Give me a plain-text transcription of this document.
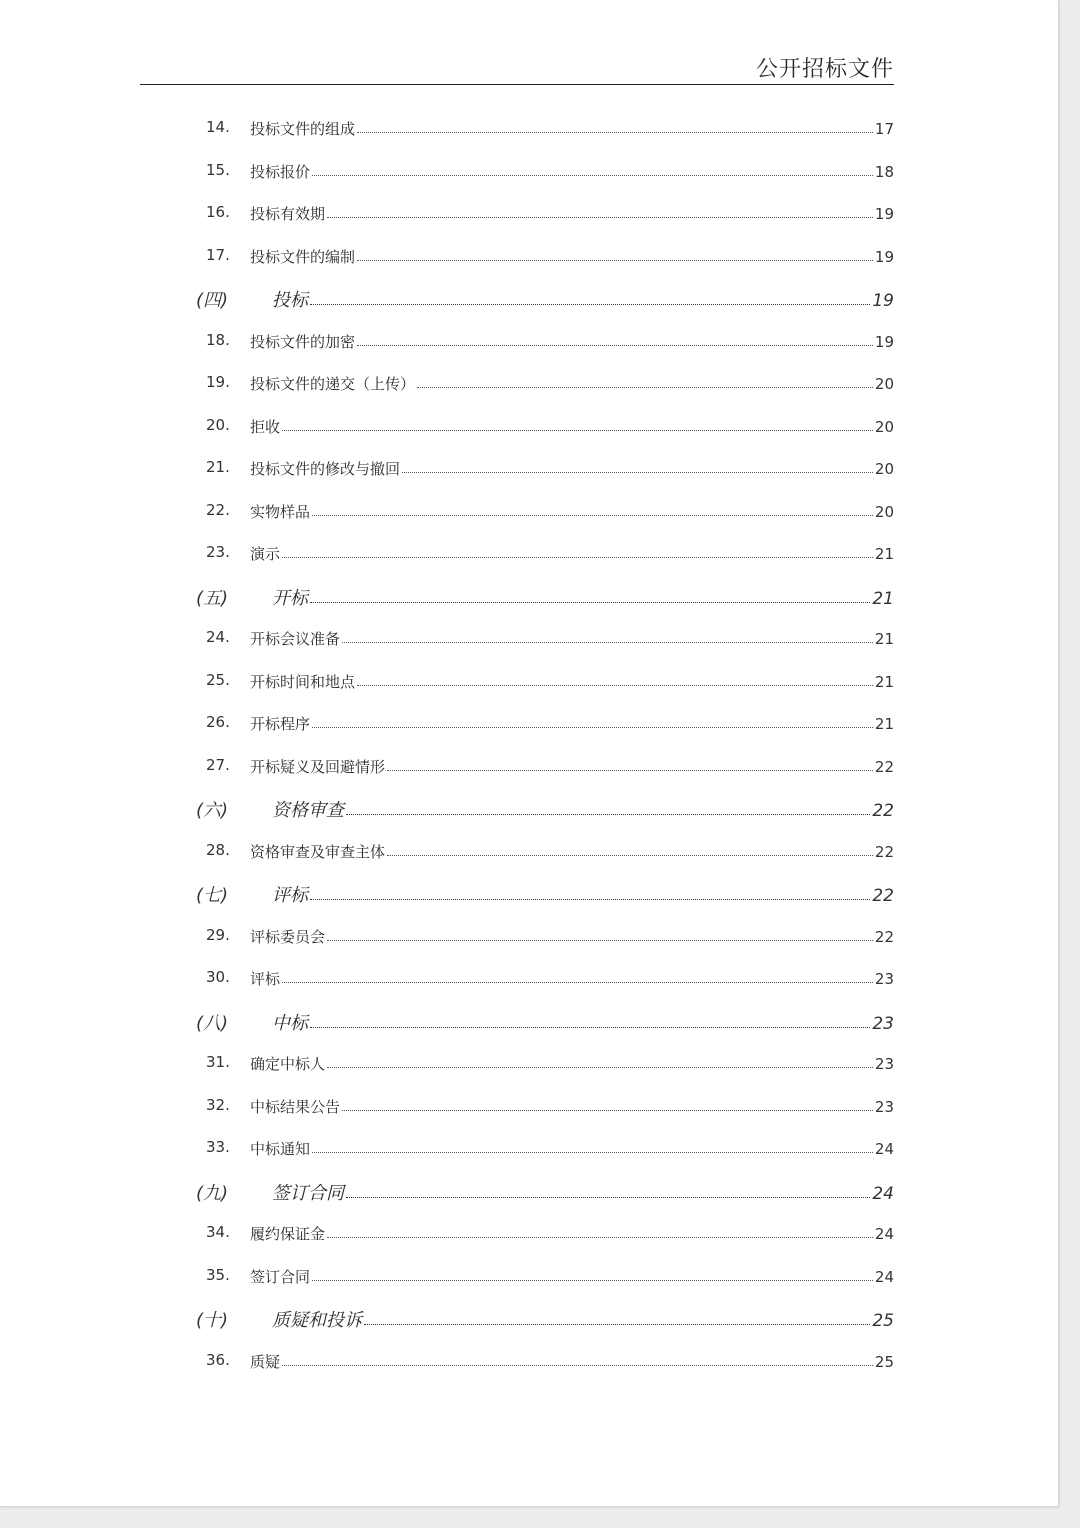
公开招标文件
14. 投标文件的组成	17
15. 投标报价	18
16. 投标有效期	19
17. 投标文件的编制	19
(四) 投标	19
18. 投标文件的加密	19
19. 投标文件的递交（上传）	20
20. 拒收	20
21. 投标文件的修改与撤回	20
22. 实物样品	20
23. 演示	21
(五) 开标	21
24. 开标会议准备	21
25. 开标时间和地点	21
26. 开标程序	21
27. 开标疑义及回避情形	22
(六) 资格审查	22
28. 资格审查及审查主体	22
(七) 评标	22
29. 评标委员会	22
30. 评标	23
(八) 中标	23
31. 确定中标人	23
32. 中标结果公告	23
33. 中标通知	24
(九) 签订合同	24
34. 履约保证金	24
35. 签订合同	24
(十) 质疑和投诉	25
36. 质疑	25
